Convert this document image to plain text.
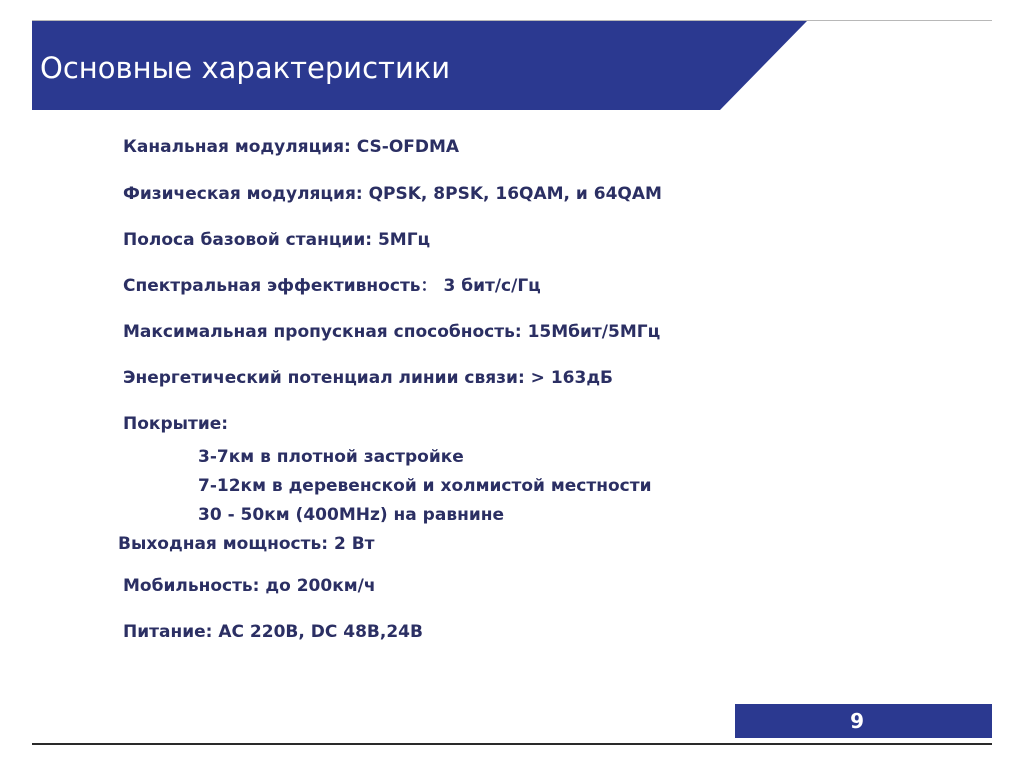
Основные характеристики
Канальная модуляция: CS-OFDMA
Физическая модуляция: QPSK, 8PSK, 16QAM, и 64QAM
Полоса базовой станции: 5МГц
Спектральная эффективность： 3 бит/с/Гц
Максимальная пропускная способность: 15Мбит/5МГц
Энергетический потенциал линии связи: > 163дБ
Покрытие:
3-7км в плотной застройке
7-12км в деревенской и холмистой местности
30 - 50км (400MHz) на равнине
Выходная мощность: 2 Вт
Мобильность: до 200км/ч
Питание: AC 220В, DC 48В,24В
9
